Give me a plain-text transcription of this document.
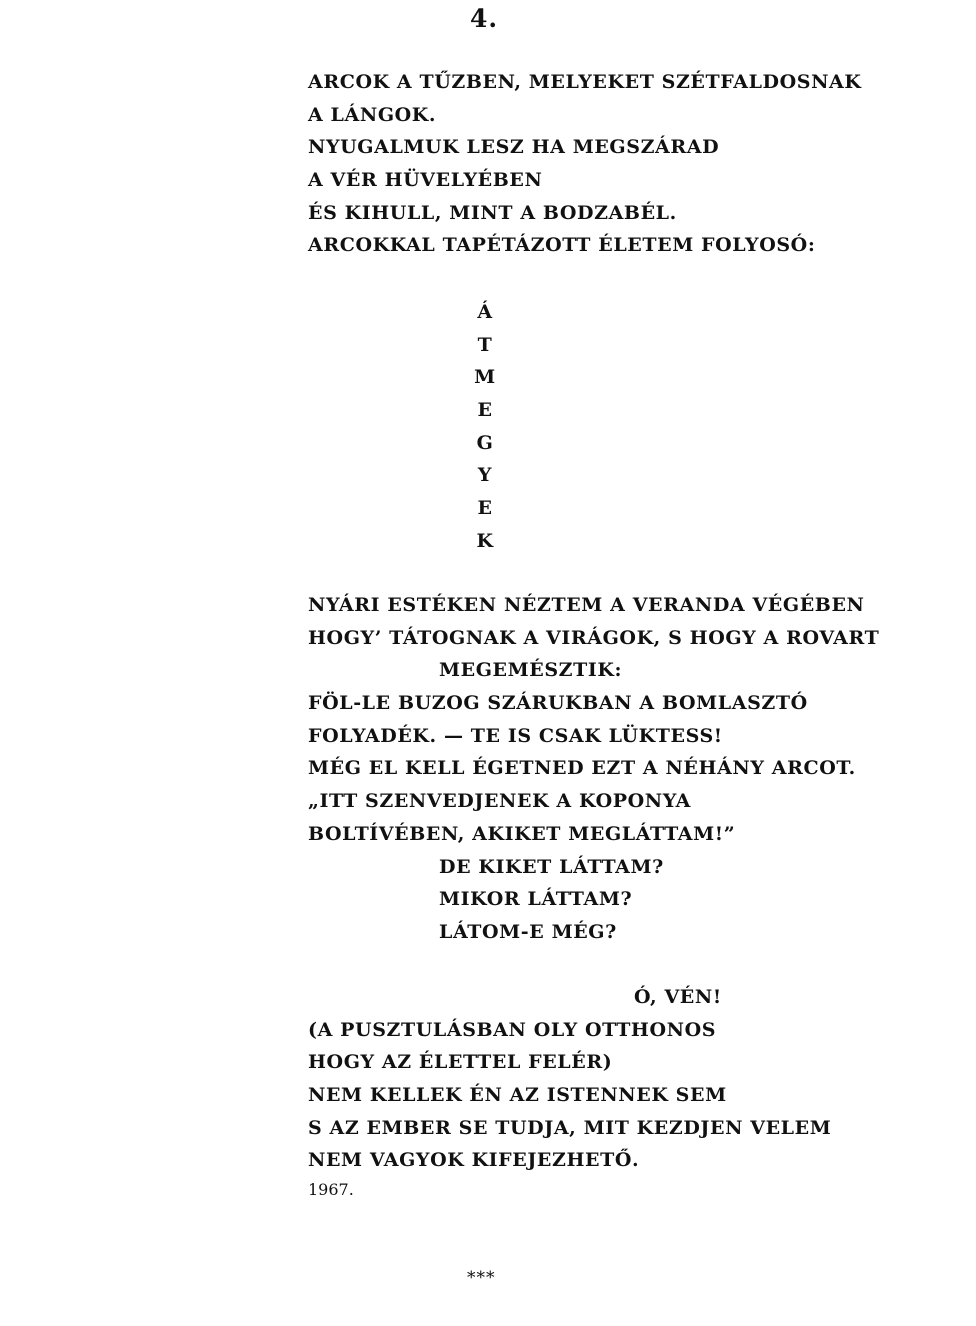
4.
ARCOK A TŰZBEN, MELYEKET SZÉTFALDOSNAK
A LÁNGOK.
NYUGALMUK LESZ HA MEGSZÁRAD
A VÉR HÜVELYÉBEN
ÉS KIHULL, MINT A BODZABÉL.
ARCOKKAL TAPÉTÁZOTT ÉLETEM FOLYOSÓ:
Á
T
M
E
G
Y
E
K
NYÁRI ESTÉKEN NÉZTEM A VERANDA VÉGÉBEN
HOGY’ TÁTOGNAK A VIRÁGOK, S HOGY A ROVART
MEGEMÉSZTIK:
FÖL-LE BUZOG SZÁRUKBAN A BOMLASZTÓ
FOLYADÉK. — TE IS CSAK LÜKTESS!
MÉG EL KELL ÉGETNED EZT A NÉHÁNY ARCOT.
„ITT SZENVEDJENEK A KOPONYA
BOLTÍVÉBEN, AKIKET MEGLÁTTAM!”
DE KIKET LÁTTAM?
MIKOR LÁTTAM?
LÁTOM-E MÉG?
Ó, VÉN!
(A PUSZTULÁSBAN OLY OTTHONOS
HOGY AZ ÉLETTEL FELÉR)
NEM KELLEK ÉN AZ ISTENNEK SEM
S AZ EMBER SE TUDJA, MIT KEZDJEN VELEM
NEM VAGYOK KIFEJEZHETŐ.
1967.
***
